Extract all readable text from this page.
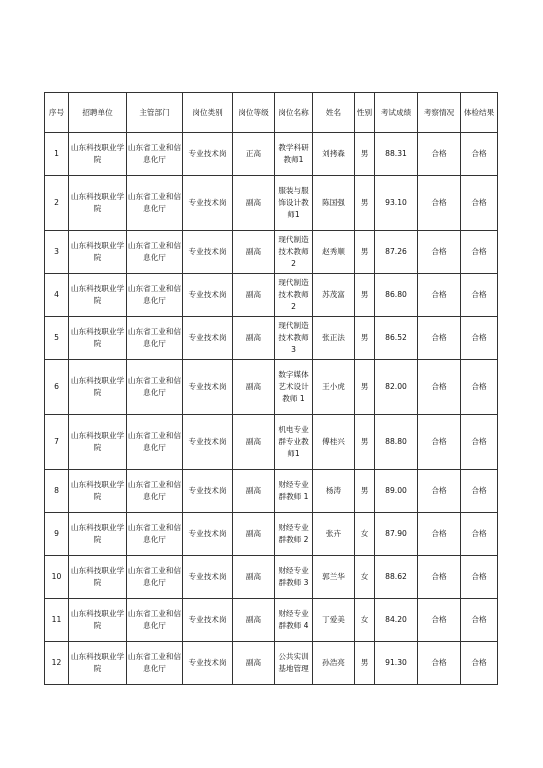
序号	招聘单位	主管部门	岗位类别	岗位等级	岗位名称	姓名	性别	考试成绩	考察情况	体检结果
1	山东科技职业学院	山东省工业和信息化厅	专业技术岗	正高	教学科研教师1	刘拷森	男	88.31	合格	合格
2	山东科技职业学院	山东省工业和信息化厅	专业技术岗	副高	服装与服饰设计教师1	陈国强	男	93.10	合格	合格
3	山东科技职业学院	山东省工业和信息化厅	专业技术岗	副高	现代制造技术教师 2	赵秀顺	男	87.26	合格	合格
4	山东科技职业学院	山东省工业和信息化厅	专业技术岗	副高	现代制造技术教师 2	苏茂富	男	86.80	合格	合格
5	山东科技职业学院	山东省工业和信息化厅	专业技术岗	副高	现代制造技术教师 3	张正法	男	86.52	合格	合格
6	山东科技职业学院	山东省工业和信息化厅	专业技术岗	副高	数字媒体艺术设计教师 1	王小虎	男	82.00	合格	合格
7	山东科技职业学院	山东省工业和信息化厅	专业技术岗	副高	机电专业群专业教师1	傅桂兴	男	88.80	合格	合格
8	山东科技职业学院	山东省工业和信息化厅	专业技术岗	副高	财经专业群教师 1	杨涛	男	89.00	合格	合格
9	山东科技职业学院	山东省工业和信息化厅	专业技术岗	副高	财经专业群教师 2	张卉	女	87.90	合格	合格
10	山东科技职业学院	山东省工业和信息化厅	专业技术岗	副高	财经专业群教师 3	郭兰华	女	88.62	合格	合格
11	山东科技职业学院	山东省工业和信息化厅	专业技术岗	副高	财经专业群教师 4	丁爱美	女	84.20	合格	合格
12	山东科技职业学院	山东省工业和信息化厅	专业技术岗	副高	公共实训基地管理	孙浩亮	男	91.30	合格	合格
